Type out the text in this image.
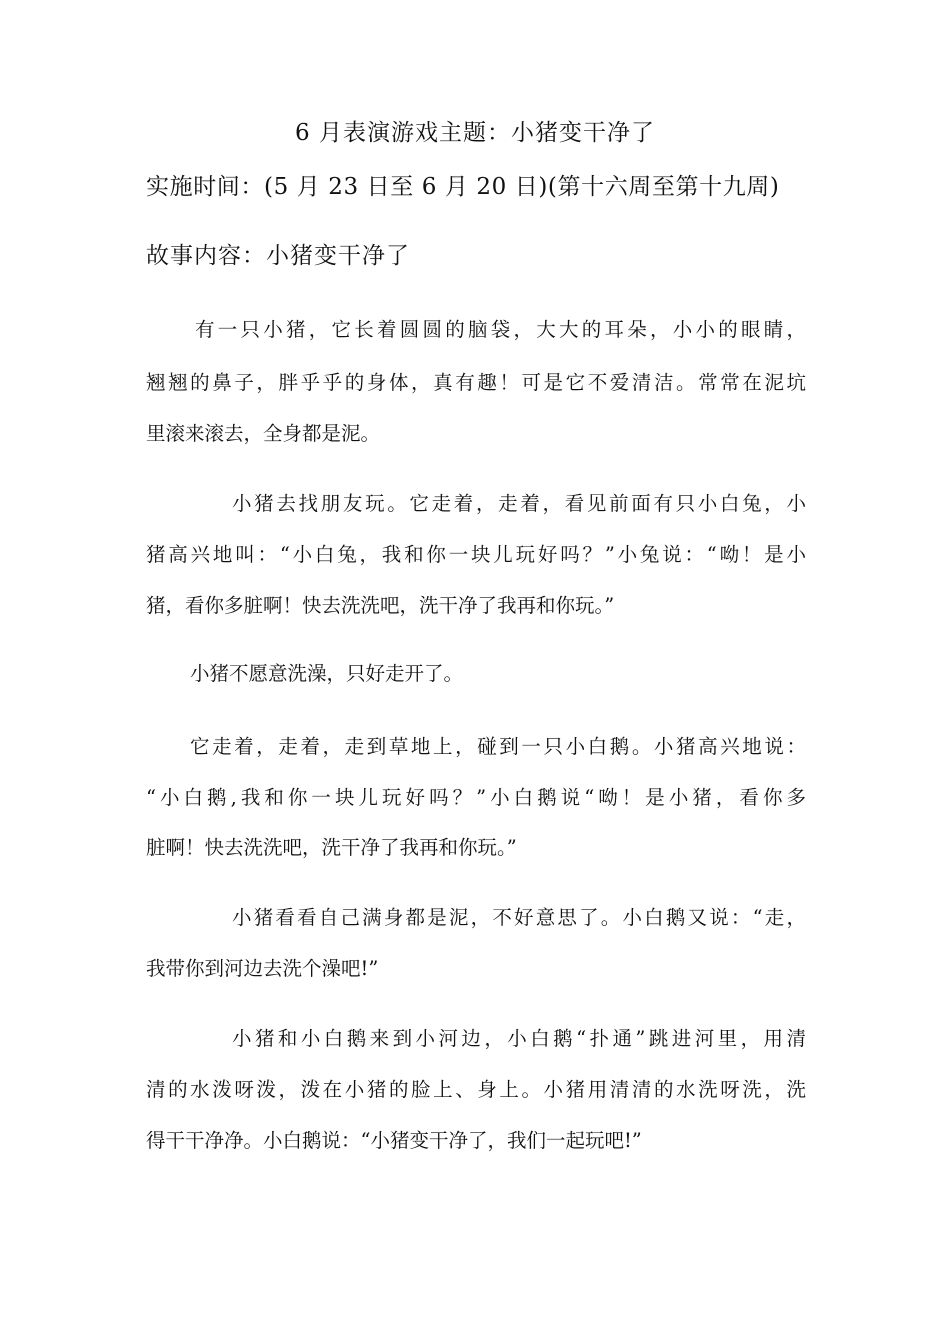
6 月表演游戏主题：小猪变干净了
实施时间：(5 月 23 日至 6 月 20 日)(第十六周至第十九周)
故事内容：小猪变干净了
有一只小猪，它长着圆圆的脑袋，大大的耳朵，小小的眼睛，
翘翘的鼻子，胖乎乎的身体，真有趣！可是它不爱清洁。常常在泥坑
里滚来滚去，全身都是泥。
小猪去找朋友玩。它走着，走着，看见前面有只小白兔，小
猪高兴地叫：“小白兔，我和你一块儿玩好吗？”小兔说：“呦！是小
猪，看你多脏啊！快去洗洗吧，洗干净了我再和你玩。”
小猪不愿意洗澡，只好走开了。
它走着，走着，走到草地上，碰到一只小白鹅。小猪高兴地说：
“小白鹅,我和你一块儿玩好吗？”小白鹅说“呦！是小猪，看你多
脏啊！快去洗洗吧，洗干净了我再和你玩。”
小猪看看自己满身都是泥，不好意思了。小白鹅又说：“走，
我带你到河边去洗个澡吧!”
小猪和小白鹅来到小河边，小白鹅“扑通”跳进河里，用清
清的水泼呀泼，泼在小猪的脸上、身上。小猪用清清的水洗呀洗，洗
得干干净净。小白鹅说：“小猪变干净了，我们一起玩吧!”
